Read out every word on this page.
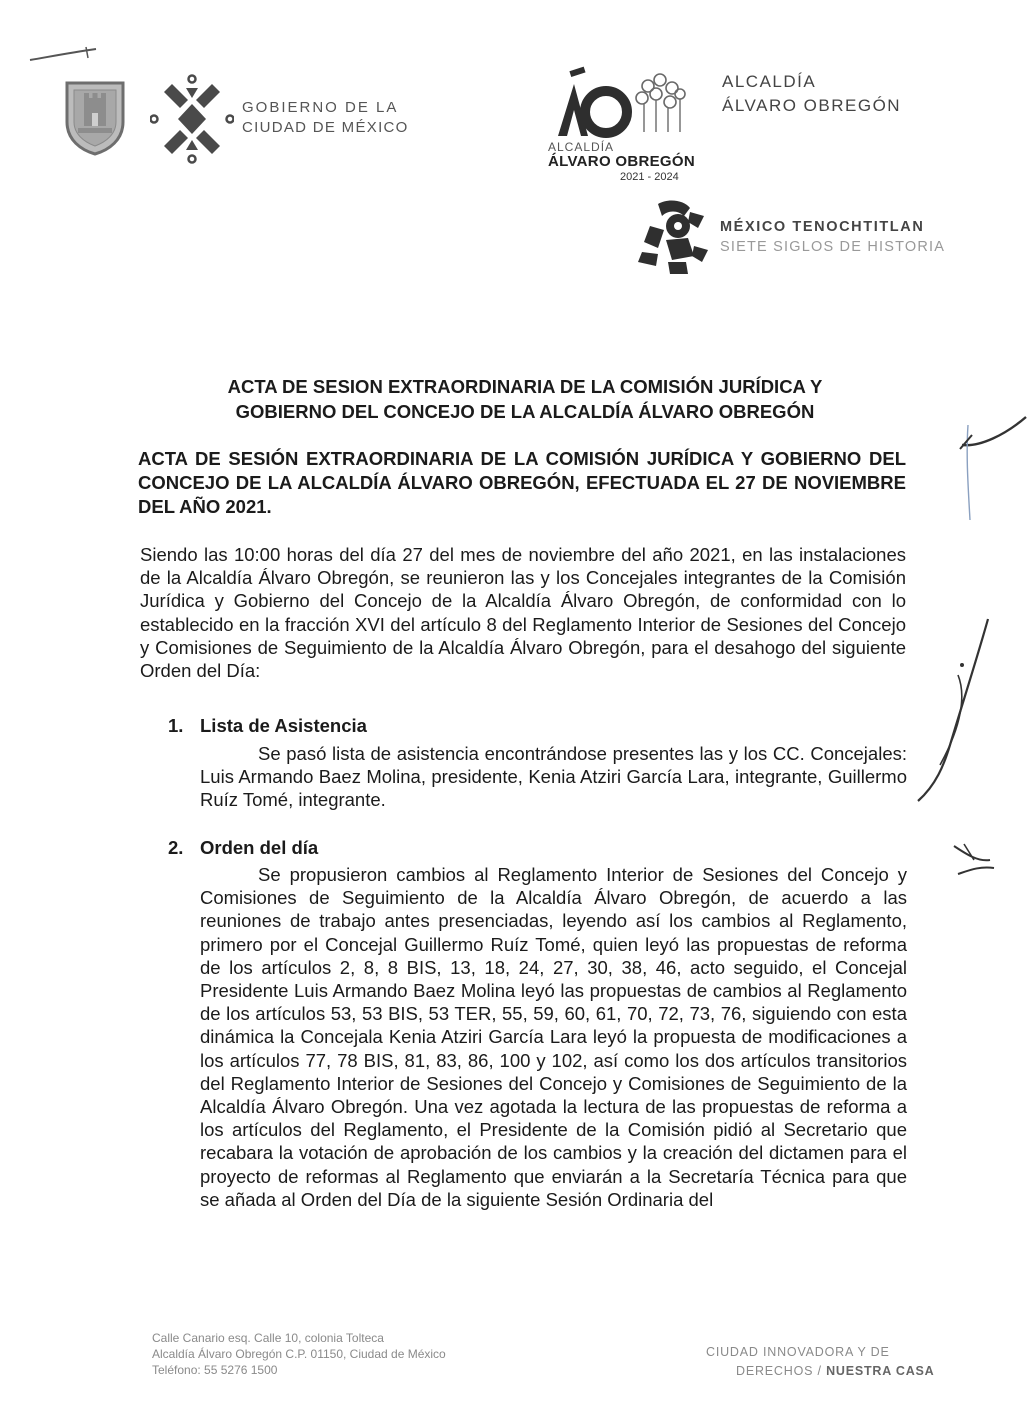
GOBIERNO DE LA
CIUDAD DE MÉXICO
ALCALDÍA
ÁLVARO OBREGÓN
2021 - 2024
ALCALDÍA
ÁLVARO OBREGÓN
MÉXICO TENOCHTITLAN
SIETE SIGLOS DE HISTORIA
ACTA DE SESION EXTRAORDINARIA DE LA COMISIÓN JURÍDICA Y
GOBIERNO DEL CONCEJO DE LA ALCALDÍA ÁLVARO OBREGÓN
ACTA DE SESIÓN EXTRAORDINARIA DE LA COMISIÓN JURÍDICA Y GOBIERNO DEL CONCEJO DE LA ALCALDÍA ÁLVARO OBREGÓN, EFECTUADA EL 27 DE NOVIEMBRE DEL AÑO 2021.
Siendo las 10:00 horas del día 27 del mes de noviembre del año 2021, en las instalaciones de la Alcaldía Álvaro Obregón, se reunieron las y los Concejales integrantes de la Comisión Jurídica y Gobierno del Concejo de la Alcaldía Álvaro Obregón, de conformidad con lo establecido en la fracción XVI del artículo 8 del Reglamento Interior de Sesiones del Concejo y Comisiones de Seguimiento de la Alcaldía Álvaro Obregón, para el desahogo del siguiente Orden del Día:
1. Lista de Asistencia
Se pasó lista de asistencia encontrándose presentes las y los CC. Concejales: Luis Armando Baez Molina, presidente, Kenia Atziri García Lara, integrante, Guillermo Ruíz Tomé, integrante.
2. Orden del día
Se propusieron cambios al Reglamento Interior de Sesiones del Concejo y Comisiones de Seguimiento de la Alcaldía Álvaro Obregón, de acuerdo a las reuniones de trabajo antes presenciadas, leyendo así los cambios al Reglamento, primero por el Concejal Guillermo Ruíz Tomé, quien leyó las propuestas de reforma de los artículos 2, 8, 8 BIS, 13, 18, 24, 27, 30, 38, 46, acto seguido, el Concejal Presidente Luis Armando Baez Molina leyó las propuestas de cambios al Reglamento de los artículos 53, 53 BIS, 53 TER, 55, 59, 60, 61, 70, 72, 73, 76, siguiendo con esta dinámica la Concejala Kenia Atziri García Lara leyó la propuesta de modificaciones a los artículos 77, 78 BIS, 81, 83, 86, 100 y 102, así como los dos artículos transitorios del Reglamento Interior de Sesiones del Concejo y Comisiones de Seguimiento de la Alcaldía Álvaro Obregón. Una vez agotada la lectura de las propuestas de reforma a los artículos del Reglamento, el Presidente de la Comisión pidió al Secretario que recabara la votación de aprobación de los cambios y la creación del dictamen para el proyecto de reformas al Reglamento que enviarán a la Secretaría Técnica para que se añada al Orden del Día de la siguiente Sesión Ordinaria del
Calle Canario esq. Calle 10, colonia Tolteca
Alcaldía Álvaro Obregón C.P. 01150, Ciudad de México
Teléfono: 55 5276 1500
CIUDAD INNOVADORA Y DE
DERECHOS / NUESTRA CASA
